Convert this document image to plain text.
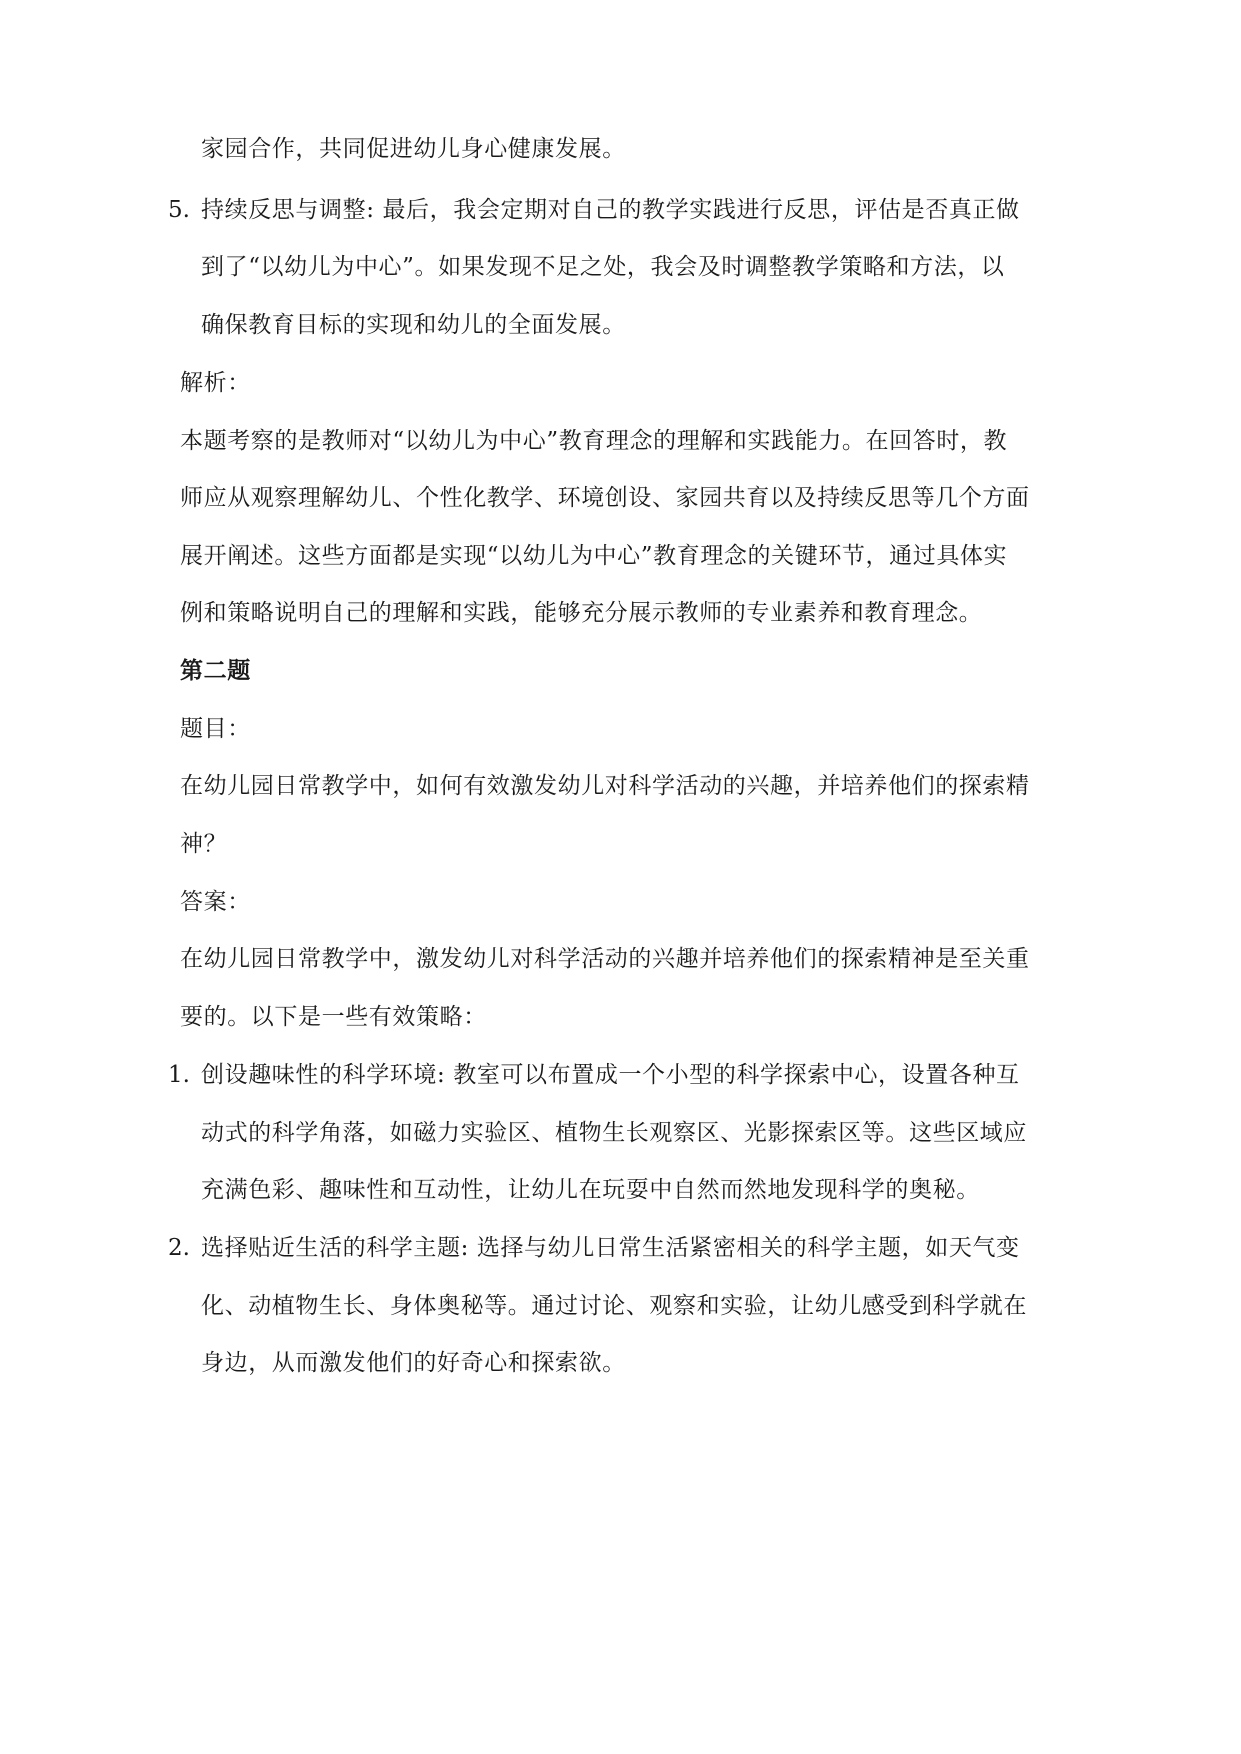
家园合作，共同促进幼儿身心健康发展。
5. 持续反思与调整: 最后，我会定期对自己的教学实践进行反思，评估是否真正做
到了“以幼儿为中心”。如果发现不足之处，我会及时调整教学策略和方法，以
确保教育目标的实现和幼儿的全面发展。
解析：
本题考察的是教师对“以幼儿为中心”教育理念的理解和实践能力。在回答时，教
师应从观察理解幼儿、个性化教学、环境创设、家园共育以及持续反思等几个方面
展开阐述。这些方面都是实现“以幼儿为中心”教育理念的关键环节，通过具体实
例和策略说明自己的理解和实践，能够充分展示教师的专业素养和教育理念。
第二题
题目：
在幼儿园日常教学中，如何有效激发幼儿对科学活动的兴趣，并培养他们的探索精
神？
答案：
在幼儿园日常教学中，激发幼儿对科学活动的兴趣并培养他们的探索精神是至关重
要的。以下是一些有效策略：
1. 创设趣味性的科学环境: 教室可以布置成一个小型的科学探索中心，设置各种互
动式的科学角落，如磁力实验区、植物生长观察区、光影探索区等。这些区域应
充满色彩、趣味性和互动性，让幼儿在玩耍中自然而然地发现科学的奥秘。
2. 选择贴近生活的科学主题: 选择与幼儿日常生活紧密相关的科学主题，如天气变
化、动植物生长、身体奥秘等。通过讨论、观察和实验，让幼儿感受到科学就在
身边，从而激发他们的好奇心和探索欲。
